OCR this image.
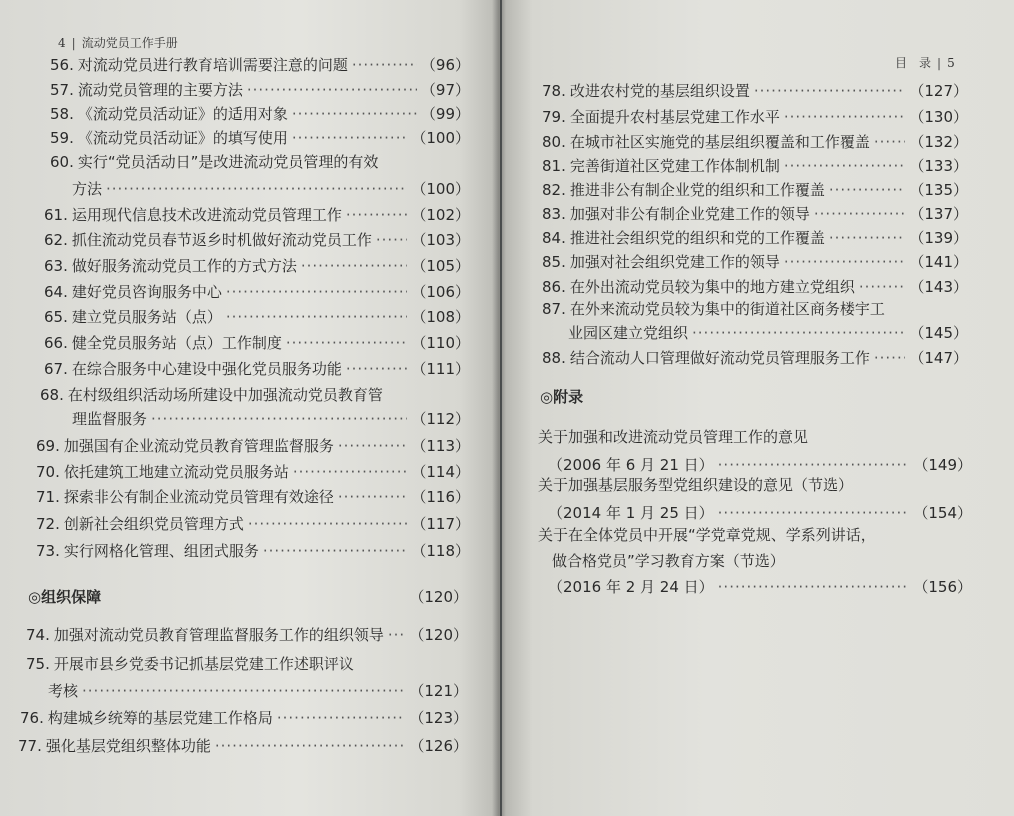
4 | 流动党员工作手册
目　录 | 5
56. 对流动党员进行教育培训需要注意的问题 ·····	（96）
57. 流动党员管理的主要方法 ·····	（97）
58. 《流动党员活动证》的适用对象 ·····	（99）
59. 《流动党员活动证》的填写使用 ·····	（100）
60. 实行“党员活动日”是改进流动党员管理的有效
方法 ·····	（100）
61. 运用现代信息技术改进流动党员管理工作 ·····	（102）
62. 抓住流动党员春节返乡时机做好流动党员工作 ·····	（103）
63. 做好服务流动党员工作的方式方法 ·····	（105）
64. 建好党员咨询服务中心 ·····	（106）
65. 建立党员服务站（点） ·····	（108）
66. 健全党员服务站（点）工作制度 ·····	（110）
67. 在综合服务中心建设中强化党员服务功能 ·····	（111）
68. 在村级组织活动场所建设中加强流动党员教育管
理监督服务 ·····	（112）
69. 加强国有企业流动党员教育管理监督服务 ·····	（113）
70. 依托建筑工地建立流动党员服务站 ·····	（114）
71. 探索非公有制企业流动党员管理有效途径 ·····	（116）
72. 创新社会组织党员管理方式 ·····	（117）
73. 实行网格化管理、组团式服务 ·····	（118）
◎组织保障	（120）
74. 加强对流动党员教育管理监督服务工作的组织领导 ····· （120）
75. 开展市县乡党委书记抓基层党建工作述职评议
考核 ·····	（121）
76. 构建城乡统筹的基层党建工作格局 ·····	（123）
77. 强化基层党组织整体功能 ·····	（126）
78. 改进农村党的基层组织设置 ·····	（127）
79. 全面提升农村基层党建工作水平 ·····	（130）
80. 在城市社区实施党的基层组织覆盖和工作覆盖 ·····	（132）
81. 完善街道社区党建工作体制机制 ·····	（133）
82. 推进非公有制企业党的组织和工作覆盖 ·····	（135）
83. 加强对非公有制企业党建工作的领导 ·····	（137）
84. 推进社会组织党的组织和党的工作覆盖 ·····	（139）
85. 加强对社会组织党建工作的领导 ·····	（141）
86. 在外出流动党员较为集中的地方建立党组织 ·····	（143）
87. 在外来流动党员较为集中的街道社区商务楼宇工
业园区建立党组织 ·····	（145）
88. 结合流动人口管理做好流动党员管理服务工作 ·····	（147）
◎附录
关于加强和改进流动党员管理工作的意见
（2006 年 6 月 21 日） ·····	（149）
关于加强基层服务型党组织建设的意见（节选）
（2014 年 1 月 25 日） ·····	（154）
关于在全体党员中开展“学党章党规、学系列讲话，
做合格党员”学习教育方案（节选）
（2016 年 2 月 24 日） ·····	（156）
